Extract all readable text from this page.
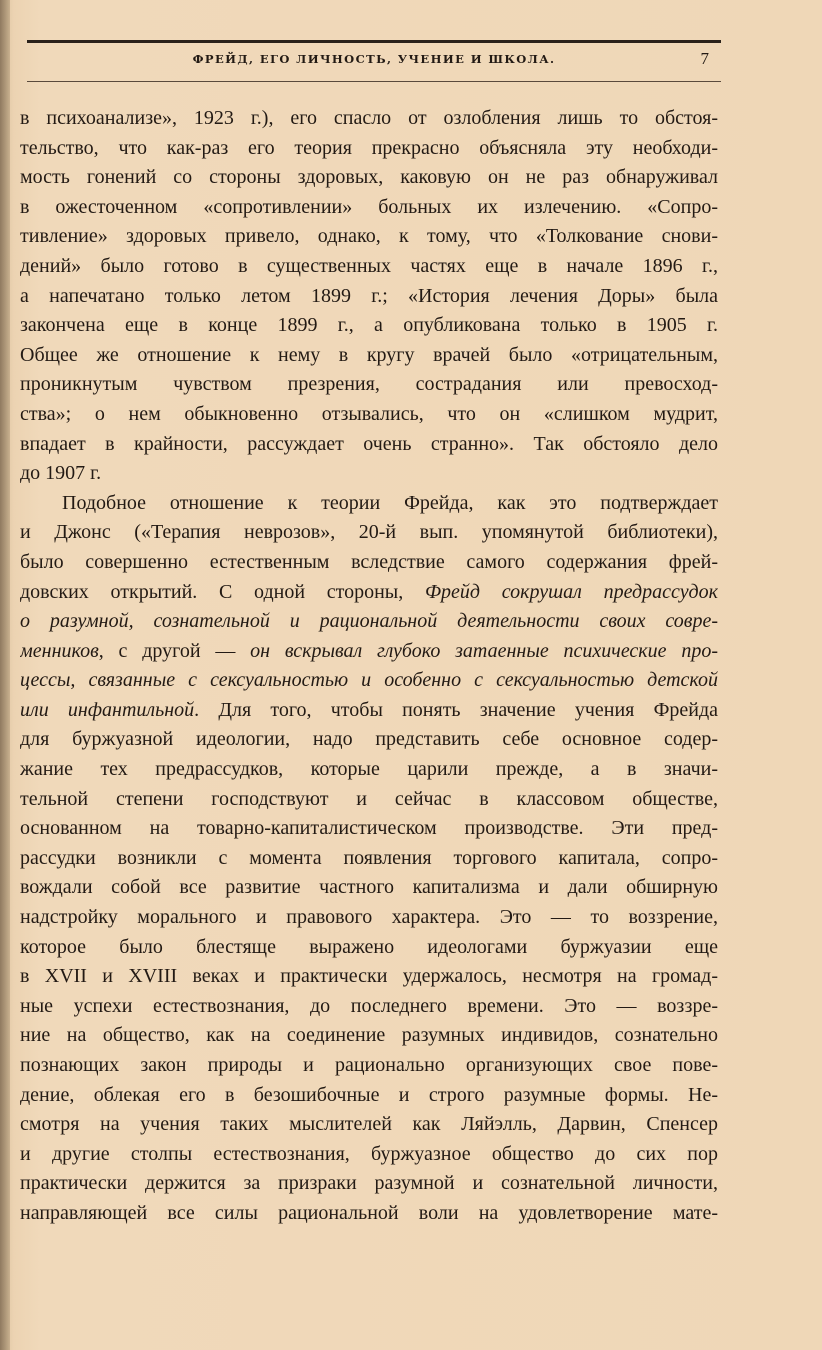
ФРЕЙД, ЕГО ЛИЧНОСТЬ, УЧЕНИЕ И ШКОЛА.	7
в психоанализе», 1923 г.), его спасло от озлобления лишь то обстоя-
тельство, что как-раз его теория прекрасно объясняла эту необходи-
мость гонений со стороны здоровых, каковую он не раз обнаруживал
в ожесточенном «сопротивлении» больных их излечению. «Сопро-
тивление» здоровых привело, однако, к тому, что «Толкование снови-
дений» было готово в существенных частях еще в начале 1896 г.,
а напечатано только летом 1899 г.; «История лечения Доры» была
закончена еще в конце 1899 г., а опубликована только в 1905 г.
Общее же отношение к нему в кругу врачей было «отрицательным,
проникнутым чувством презрения, сострадания или превосход-
ства»; о нем обыкновенно отзывались, что он «слишком мудрит,
впадает в крайности, рассуждает очень странно». Так обстояло дело
до 1907 г.
Подобное отношение к теории Фрейда, как это подтверждает
и Джонс («Терапия неврозов», 20-й вып. упомянутой библиотеки),
было совершенно естественным вследствие самого содержания фрей-
довских открытий. С одной стороны, Фрейд сокрушал предрассудок
о разумной, сознательной и рациональной деятельности своих совре-
менников, с другой — он вскрывал глубоко затаенные психические про-
цессы, связанные с сексуальностью и особенно с сексуальностью детской
или инфантильной. Для того, чтобы понять значение учения Фрейда
для буржуазной идеологии, надо представить себе основное содер-
жание тех предрассудков, которые царили прежде, а в значи-
тельной степени господствуют и сейчас в классовом обществе,
основанном на товарно-капиталистическом производстве. Эти пред-
рассудки возникли с момента появления торгового капитала, сопро-
вождали собой все развитие частного капитализма и дали обширную
надстройку морального и правового характера. Это — то воззрение,
которое было блестяще выражено идеологами буржуазии еще
в XVII и XVIII веках и практически удержалось, несмотря на громад-
ные успехи естествознания, до последнего времени. Это — воззре-
ние на общество, как на соединение разумных индивидов, сознательно
познающих закон природы и рационально организующих свое пове-
дение, облекая его в безошибочные и строго разумные формы. Не-
смотря на учения таких мыслителей как Ляйэлль, Дарвин, Спенсер
и другие столпы естествознания, буржуазное общество до сих пор
практически держится за призраки разумной и сознательной личности,
направляющей все силы рациональной воли на удовлетворение мате-
